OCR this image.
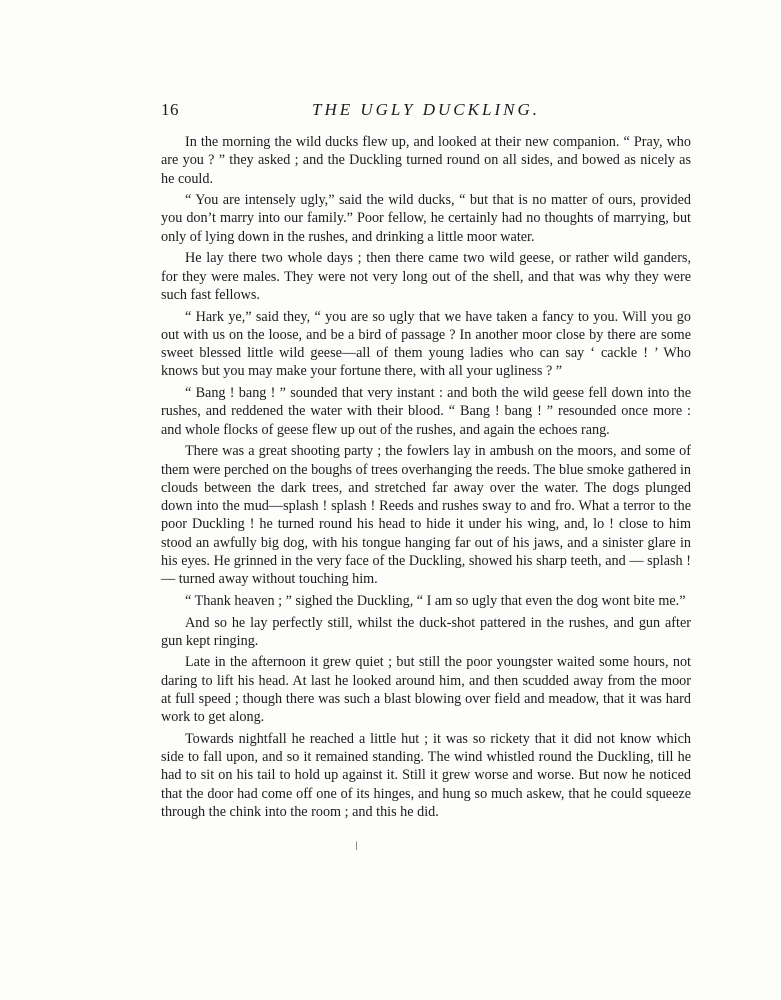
16	THE UGLY DUCKLING.

In the morning the wild ducks flew up, and looked at their new companion. “ Pray, who are you ? ” they asked ; and the Duckling turned round on all sides, and bowed as nicely as he could.

“ You are intensely ugly,” said the wild ducks, “ but that is no matter of ours, provided you don’t marry into our family.” Poor fellow, he certainly had no thoughts of marrying, but only of lying down in the rushes, and drinking a little moor water.

He lay there two whole days ; then there came two wild geese, or rather wild ganders, for they were males. They were not very long out of the shell, and that was why they were such fast fellows.

“ Hark ye,” said they, “ you are so ugly that we have taken a fancy to you. Will you go out with us on the loose, and be a bird of passage ? In another moor close by there are some sweet blessed little wild geese—all of them young ladies who can say ‘ cackle ! ’ Who knows but you may make your fortune there, with all your ugliness ? ”

“ Bang ! bang ! ” sounded that very instant : and both the wild geese fell down into the rushes, and reddened the water with their blood. “ Bang ! bang ! ” resounded once more : and whole flocks of geese flew up out of the rushes, and again the echoes rang.

There was a great shooting party ; the fowlers lay in ambush on the moors, and some of them were perched on the boughs of trees overhanging the reeds. The blue smoke gathered in clouds between the dark trees, and stretched far away over the water. The dogs plunged down into the mud—splash ! splash ! Reeds and rushes sway to and fro. What a terror to the poor Duckling ! he turned round his head to hide it under his wing, and, lo ! close to him stood an awfully big dog, with his tongue hanging far out of his jaws, and a sinister glare in his eyes. He grinned in the very face of the Duckling, showed his sharp teeth, and — splash ! — turned away without touching him.

“ Thank heaven ; ” sighed the Duckling, “ I am so ugly that even the dog wont bite me.”

And so he lay perfectly still, whilst the duck-shot pattered in the rushes, and gun after gun kept ringing.

Late in the afternoon it grew quiet ; but still the poor youngster waited some hours, not daring to lift his head. At last he looked around him, and then scudded away from the moor at full speed ; though there was such a blast blowing over field and meadow, that it was hard work to get along.

Towards nightfall he reached a little hut ; it was so rickety that it did not know which side to fall upon, and so it remained standing. The wind whistled round the Duckling, till he had to sit on his tail to hold up against it. Still it grew worse and worse. But now he noticed that the door had come off one of its hinges, and hung so much askew, that he could squeeze through the chink into the room ; and this he did.

ǀ
